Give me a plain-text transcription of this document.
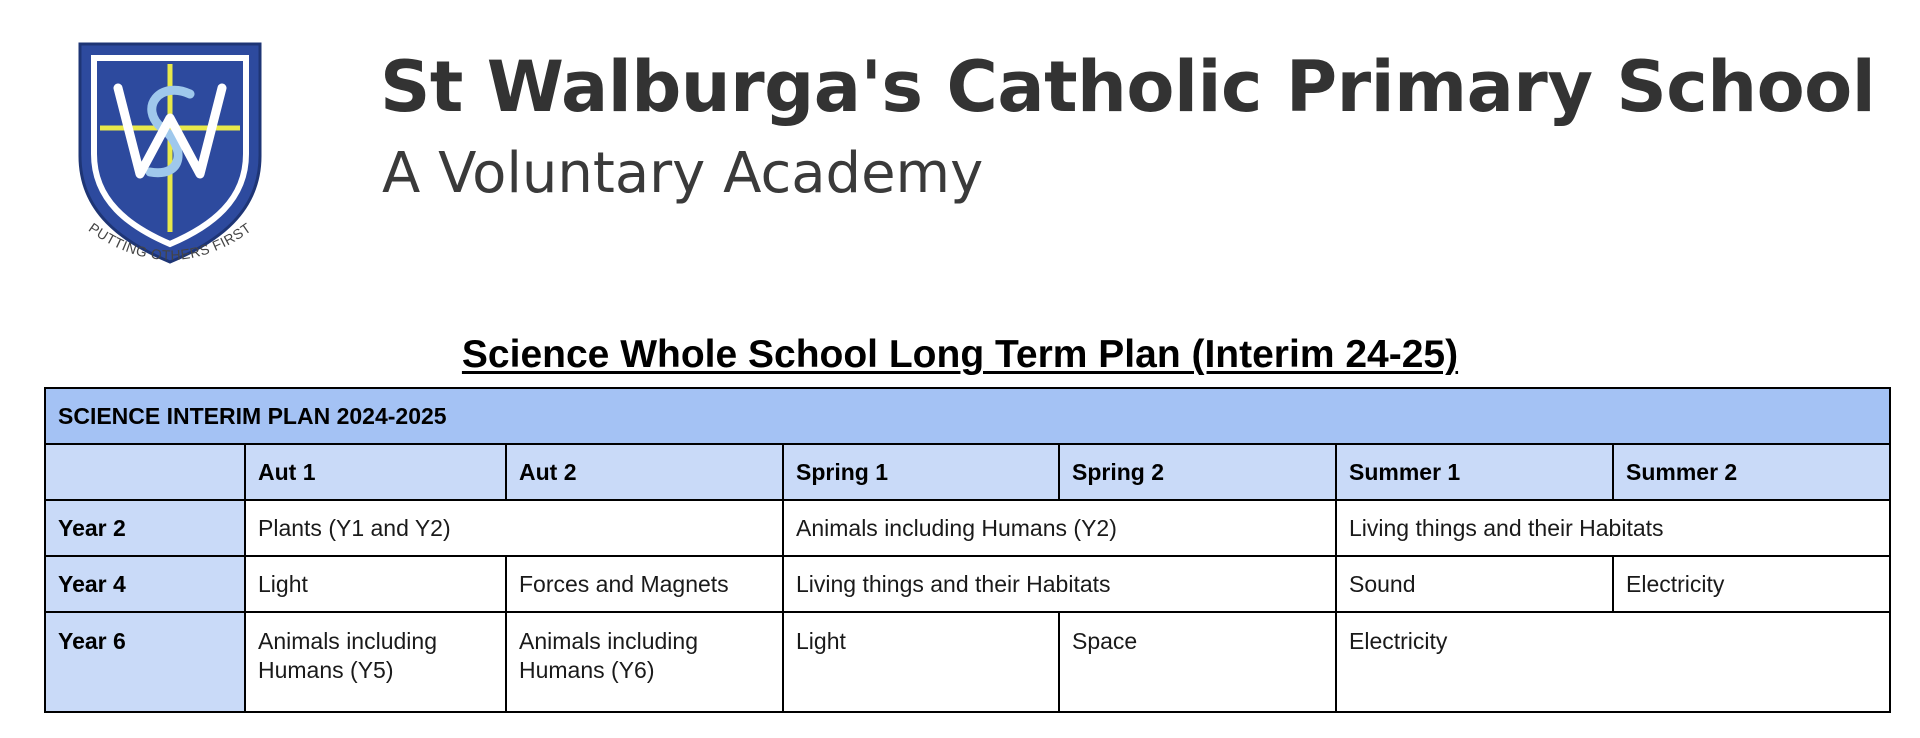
PUTTING OTHERS FIRST
St Walburga's Catholic Primary School
A Voluntary Academy
Science Whole School Long Term Plan (Interim 24-25)
SCIENCE INTERIM PLAN 2024-2025						
	Aut 1	Aut 2	Spring 1	Spring 2	Summer 1	Summer 2
Year 2	Plants (Y1 and Y2)		Animals including Humans (Y2)		Living things and their Habitats	
Year 4	Light	Forces and Magnets	Living things and their Habitats		Sound	Electricity
Year 6	Animals including Humans (Y5)	Animals including Humans (Y6)	Light	Space	Electricity	
